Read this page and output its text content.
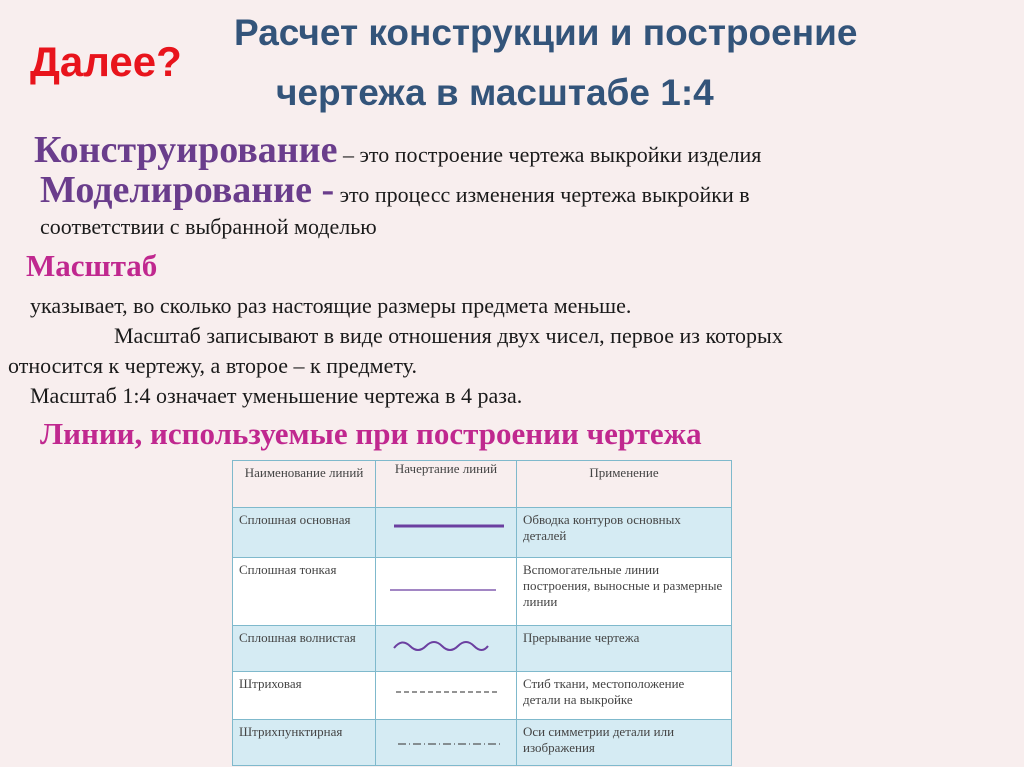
Далее?
Расчет конструкции и построение
чертежа в масштабе 1:4
Конструирование – это построение чертежа выкройки изделия
Моделирование - это процесс изменения чертежа выкройки в
соответствии с выбранной моделью
Масштаб
указывает, во сколько раз настоящие размеры предмета меньше.
Масштаб записывают в виде отношения двух чисел, первое из которых
относится к чертежу, а второе – к предмету.
Масштаб 1:4 означает уменьшение чертежа в 4 раза.
Линии, используемые при построении чертежа
Наименование линий	Начертание линий	Применение
Сплошная основная		Обводка контуров основных деталей
Сплошная тонкая		Вспомогательные линии построения, выносные и размерные линии
Сплошная волнистая		Прерывание чертежа
Штриховая		Стиб ткани, местоположение детали на выкройке
Штрихпунктирная		Оси симметрии детали или изображения
